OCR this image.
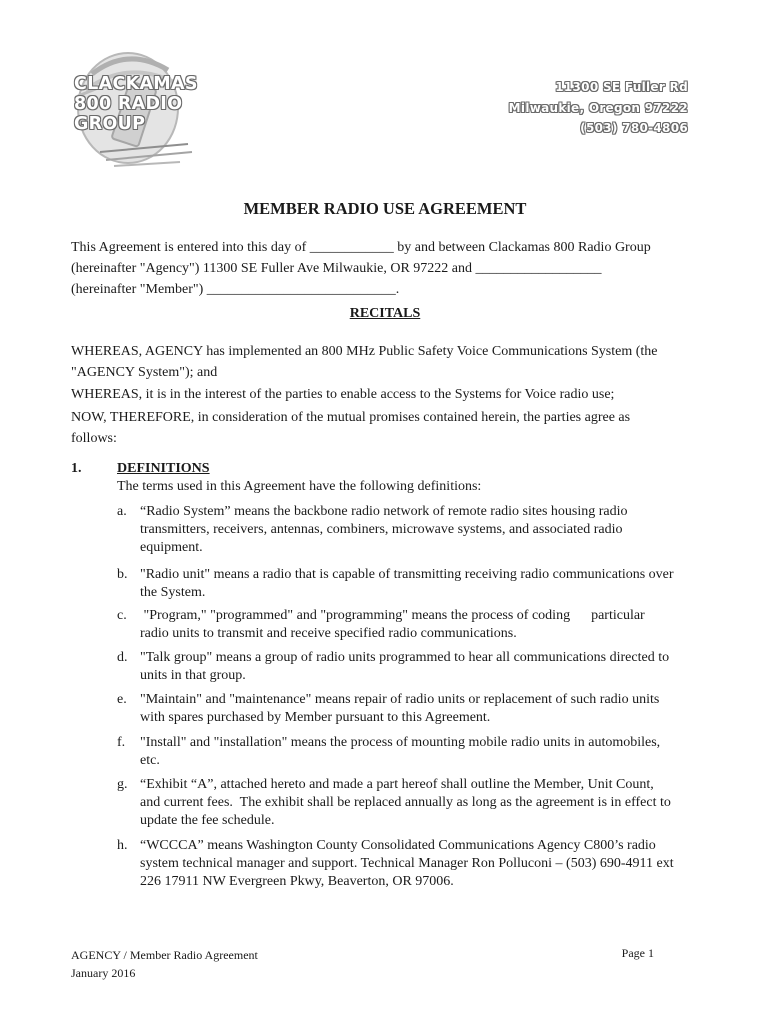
CLACKAMAS
800 RADIO
GROUP
11300 SE Fuller Rd
Milwaukie, Oregon 97222
(503) 780-4806
MEMBER RADIO USE AGREEMENT
This Agreement is entered into this day of ____________ by and between Clackamas 800 Radio Group
(hereinafter "Agency") 11300 SE Fuller Ave Milwaukie, OR 97222 and __________________
(hereinafter "Member") ___________________________.
RECITALS
WHEREAS, AGENCY has implemented an 800 MHz Public Safety Voice Communications System (the
"AGENCY System"); and
WHEREAS, it is in the interest of the parties to enable access to the Systems for Voice radio use;
NOW, THEREFORE, in consideration of the mutual promises contained herein, the parties agree as
follows:
1.	DEFINITIONS
The terms used in this Agreement have the following definitions:
a. “Radio System” means the backbone radio network of remote radio sites housing radio
transmitters, receivers, antennas, combiners, microwave systems, and associated radio
equipment.
b. "Radio unit" means a radio that is capable of transmitting receiving radio communications over
the System.
c. "Program," "programmed" and "programming" means the process of coding      particular
radio units to transmit and receive specified radio communications.
d. "Talk group" means a group of radio units programmed to hear all communications directed to
units in that group.
e. "Maintain" and "maintenance" means repair of radio units or replacement of such radio units
with spares purchased by Member pursuant to this Agreement.
f. "Install" and "installation" means the process of mounting mobile radio units in automobiles,
etc.
g. “Exhibit “A”, attached hereto and made a part hereof shall outline the Member, Unit Count,
and current fees.  The exhibit shall be replaced annually as long as the agreement is in effect to
update the fee schedule.
h. “WCCCA” means Washington County Consolidated Communications Agency C800’s radio
system technical manager and support. Technical Manager Ron Polluconi – (503) 690-4911 ext
226 17911 NW Evergreen Pkwy, Beaverton, OR 97006.
AGENCY / Member Radio Agreement
January 2016
Page 1
